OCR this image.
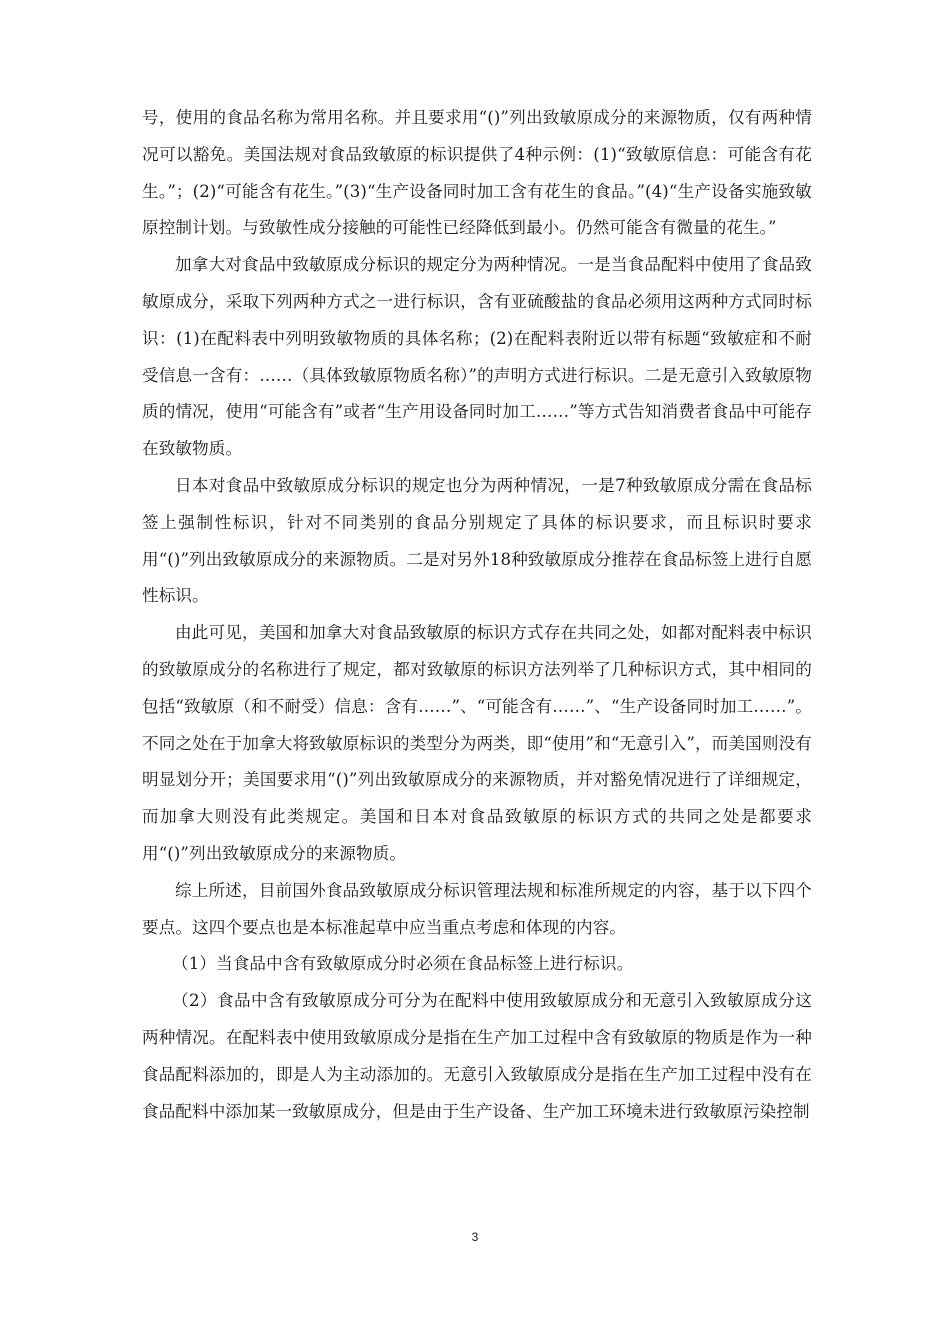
号，使用的食品名称为常用名称。并且要求用“()”列出致敏原成分的来源物质，仅有两种情况可以豁免。美国法规对食品致敏原的标识提供了4种示例：(1)“致敏原信息：可能含有花生。”；(2)“可能含有花生。”(3)“生产设备同时加工含有花生的食品。”(4)“生产设备实施致敏原控制计划。与致敏性成分接触的可能性已经降低到最小。仍然可能含有微量的花生。”

加拿大对食品中致敏原成分标识的规定分为两种情况。一是当食品配料中使用了食品致敏原成分，采取下列两种方式之一进行标识，含有亚硫酸盐的食品必须用这两种方式同时标识：(1)在配料表中列明致敏物质的具体名称；(2)在配料表附近以带有标题“致敏症和不耐受信息一含有：……（具体致敏原物质名称）”的声明方式进行标识。二是无意引入致敏原物质的情况，使用“可能含有”或者“生产用设备同时加工……”等方式告知消费者食品中可能存在致敏物质。

日本对食品中致敏原成分标识的规定也分为两种情况，一是7种致敏原成分需在食品标签上强制性标识，针对不同类别的食品分别规定了具体的标识要求，而且标识时要求用“()”列出致敏原成分的来源物质。二是对另外18种致敏原成分推荐在食品标签上进行自愿性标识。

由此可见，美国和加拿大对食品致敏原的标识方式存在共同之处，如都对配料表中标识的致敏原成分的名称进行了规定，都对致敏原的标识方法列举了几种标识方式，其中相同的包括“致敏原（和不耐受）信息：含有……”、“可能含有……”、“生产设备同时加工……”。不同之处在于加拿大将致敏原标识的类型分为两类，即“使用”和“无意引入”，而美国则没有明显划分开；美国要求用“()”列出致敏原成分的来源物质，并对豁免情况进行了详细规定，而加拿大则没有此类规定。美国和日本对食品致敏原的标识方式的共同之处是都要求用“()”列出致敏原成分的来源物质。

综上所述，目前国外食品致敏原成分标识管理法规和标准所规定的内容，基于以下四个要点。这四个要点也是本标准起草中应当重点考虑和体现的内容。

（1）当食品中含有致敏原成分时必须在食品标签上进行标识。

（2）食品中含有致敏原成分可分为在配料中使用致敏原成分和无意引入致敏原成分这两种情况。在配料表中使用致敏原成分是指在生产加工过程中含有致敏原的物质是作为一种食品配料添加的，即是人为主动添加的。无意引入致敏原成分是指在生产加工过程中没有在食品配料中添加某一致敏原成分，但是由于生产设备、生产加工环境未进行致敏原污染控制

3
